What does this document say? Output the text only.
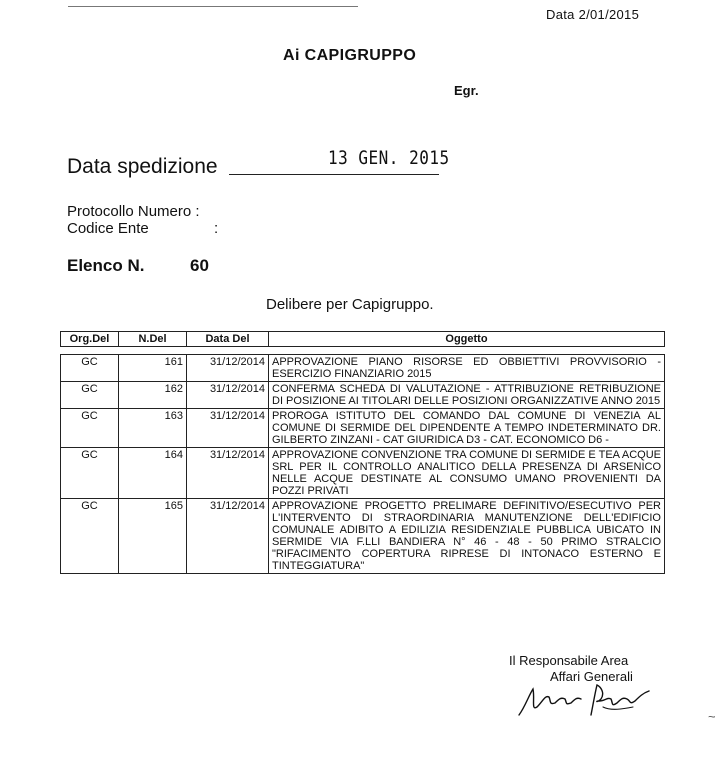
Data 2/01/2015
Ai CAPIGRUPPO
Egr.
Data spedizione	13 GEN. 2015
Protocollo Numero :
Codice Ente	:
Elenco N.	60
Delibere per Capigruppo.
Org.Del	N.Del	Data Del	Oggetto

GC	161	31/12/2014	APPROVAZIONE PIANO RISORSE ED OBBIETTIVI PROVVISORIO - ESERCIZIO FINANZIARIO 2015
GC	162	31/12/2014	CONFERMA SCHEDA DI VALUTAZIONE - ATTRIBUZIONE RETRIBUZIONE DI POSIZIONE AI TITOLARI DELLE POSIZIONI ORGANIZZATIVE ANNO 2015
GC	163	31/12/2014	PROROGA ISTITUTO DEL COMANDO DAL COMUNE DI VENEZIA AL COMUNE DI SERMIDE DEL DIPENDENTE A TEMPO INDETERMINATO DR. GILBERTO ZINZANI - CAT GIURIDICA D3 - CAT. ECONOMICO D6 -
GC	164	31/12/2014	APPROVAZIONE CONVENZIONE TRA COMUNE DI SERMIDE E TEA ACQUE SRL PER IL CONTROLLO ANALITICO DELLA PRESENZA DI ARSENICO NELLE ACQUE DESTINATE AL CONSUMO UMANO PROVENIENTI DA POZZI PRIVATI
GC	165	31/12/2014	APPROVAZIONE PROGETTO PRELIMARE DEFINITIVO/ESECUTIVO PER L'INTERVENTO DI STRAORDINARIA MANUTENZIONE DELL'EDIFICIO COMUNALE ADIBITO A EDILIZIA RESIDENZIALE PUBBLICA UBICATO IN SERMIDE VIA F.LLI BANDIERA N° 46 - 48 - 50 PRIMO STRALCIO "RIFACIMENTO COPERTURA RIPRESE DI INTONACO ESTERNO E TINTEGGIATURA"
Il Responsabile Area
Affari Generali
~
